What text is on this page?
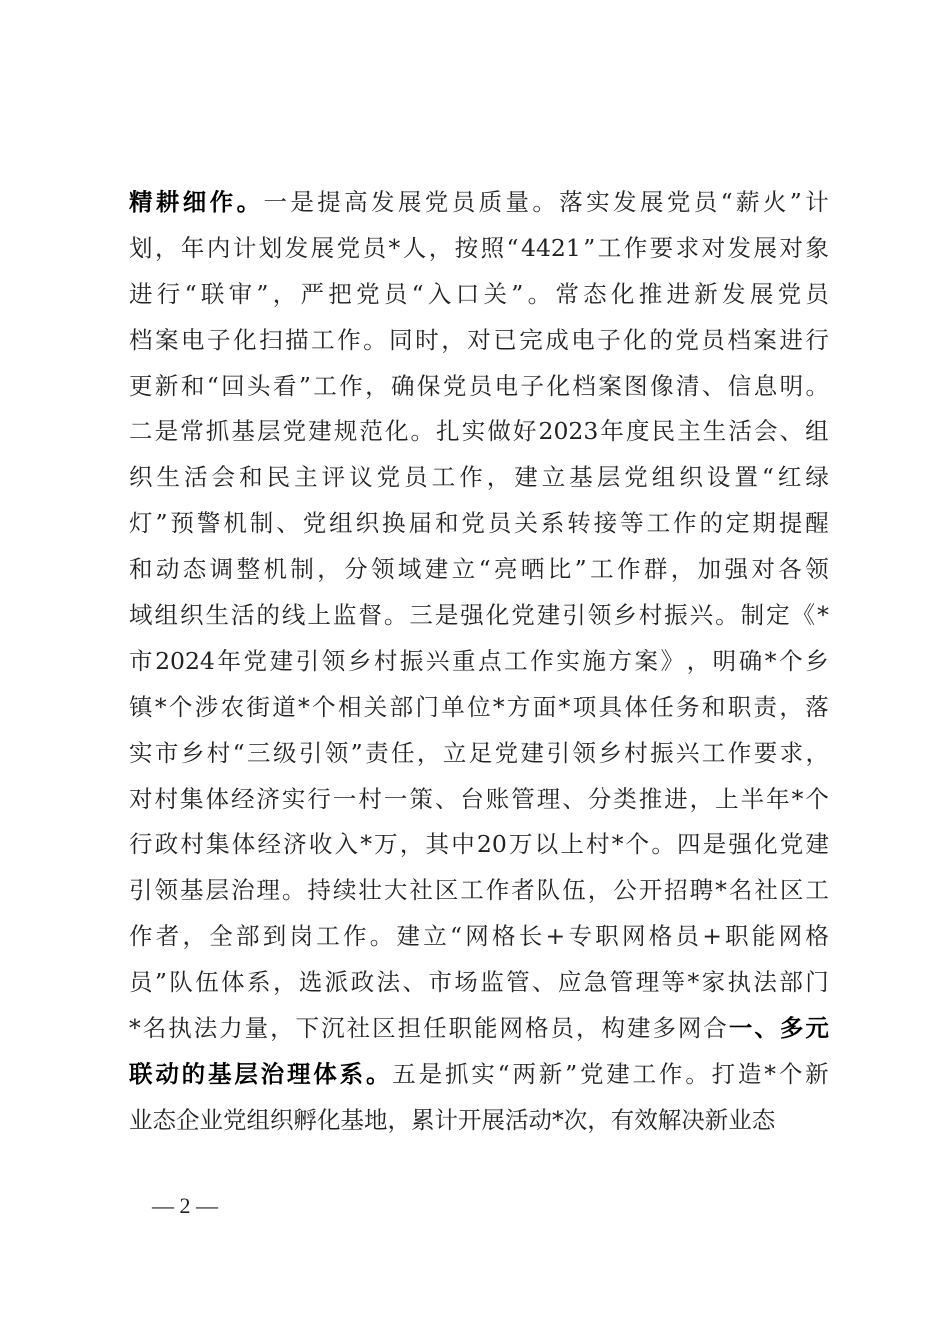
精 耕 细 作 。 一 是 提 高 发 展 党 员 质 量 。 落 实 发 展 党 员 “ 薪 火 ” 计
划 ， 年 内 计 划 发 展 党 员 * 人 ， 按 照 “ 4421 ” 工 作 要 求 对 发 展 对 象
进 行 “ 联 审 ” ， 严 把 党 员 “ 入 口 关 ” 。 常 态 化 推 进 新 发 展 党 员
档 案 电 子 化 扫 描 工 作 。 同 时 ， 对 已 完 成 电 子 化 的 党 员 档 案 进 行
更 新 和 “ 回 头 看 ” 工 作 ， 确 保 党 员 电 子 化 档 案 图 像 清 、 信 息 明 。
二 是 常 抓 基 层 党 建 规 范 化 。 扎 实 做 好 2023 年 度 民 主 生 活 会 、 组
织 生 活 会 和 民 主 评 议 党 员 工 作 ， 建 立 基 层 党 组 织 设 置 “ 红 绿
灯 ” 预 警 机 制 、 党 组 织 换 届 和 党 员 关 系 转 接 等 工 作 的 定 期 提 醒
和 动 态 调 整 机 制 ， 分 领 域 建 立 “ 亮 晒 比 ” 工 作 群 ， 加 强 对 各 领
域 组 织 生 活 的 线 上 监 督 。 三 是 强 化 党 建 引 领 乡 村 振 兴 。 制 定 《 *
市 2024 年 党 建 引 领 乡 村 振 兴 重 点 工 作 实 施 方 案 》 ， 明 确 * 个 乡
镇 * 个 涉 农 街 道 * 个 相 关 部 门 单 位 * 方 面 * 项 具 体 任 务 和 职 责 ， 落
实 市 乡 村 “ 三 级 引 领 ” 责 任 ， 立 足 党 建 引 领 乡 村 振 兴 工 作 要 求 ，
对 村 集 体 经 济 实 行 一 村 一 策 、 台 账 管 理 、 分 类 推 进 ， 上 半 年 * 个
行 政 村 集 体 经 济 收 入 * 万 ， 其 中 20 万 以 上 村 * 个 。 四 是 强 化 党 建
引 领 基 层 治 理 。 持 续 壮 大 社 区 工 作 者 队 伍 ， 公 开 招 聘 * 名 社 区 工
作 者 ， 全 部 到 岗 工 作 。 建 立 “ 网 格 长 + 专 职 网 格 员 + 职 能 网 格
员 ” 队 伍 体 系 ， 选 派 政 法 、 市 场 监 管 、 应 急 管 理 等 * 家 执 法 部 门
* 名 执 法 力 量 ， 下 沉 社 区 担 任 职 能 网 格 员 ， 构 建 多 网 合 一 、 多 元
联 动 的 基 层 治 理 体 系 。 五 是 抓 实 “ 两 新 ” 党 建 工 作 。 打 造 * 个 新
业 态 企 业 党 组 织 孵 化 基 地 ， 累 计 开 展 活 动 * 次 ， 有 效 解 决 新 业 态
— 2 —
